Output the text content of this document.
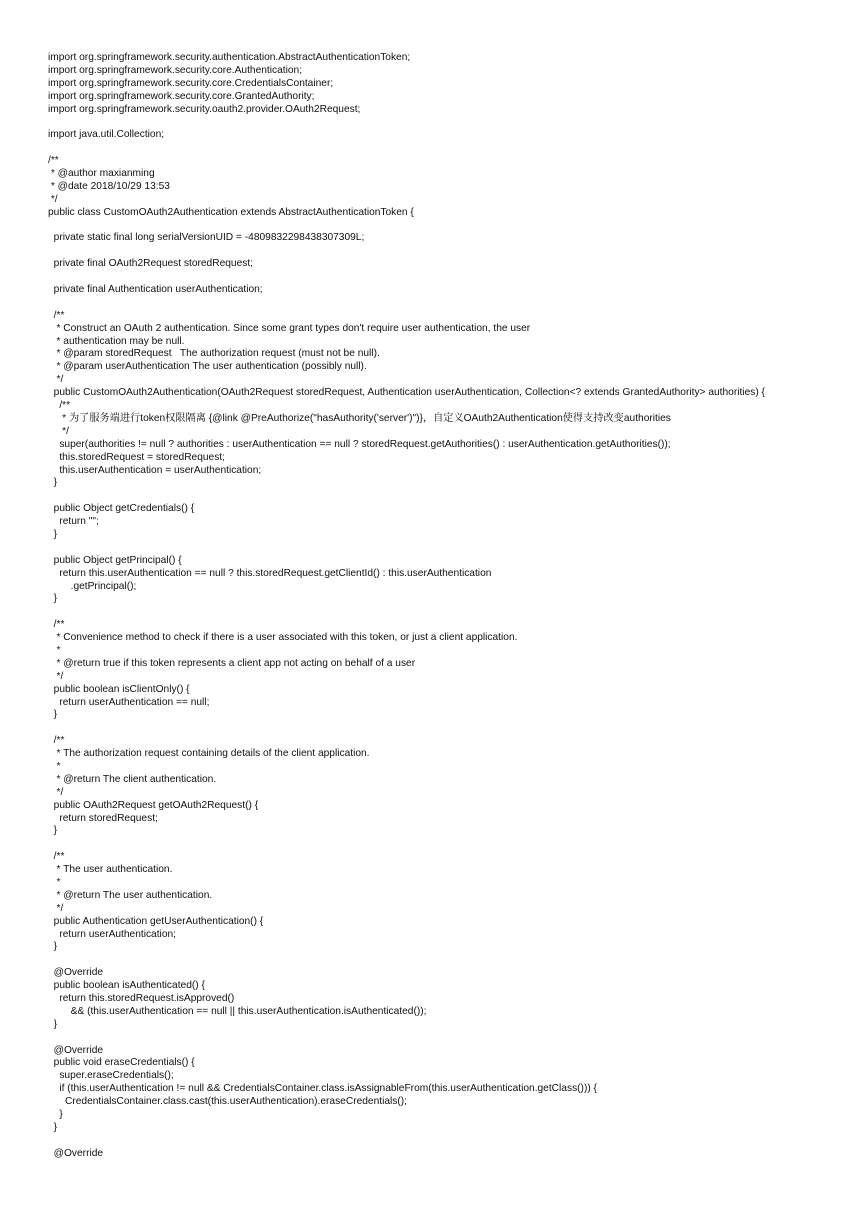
import org.springframework.security.authentication.AbstractAuthenticationToken;
import org.springframework.security.core.Authentication;
import org.springframework.security.core.CredentialsContainer;
import org.springframework.security.core.GrantedAuthority;
import org.springframework.security.oauth2.provider.OAuth2Request;
import java.util.Collection;
/**
* @author maxianming
* @date 2018/10/29 13:53
*/
public class CustomOAuth2Authentication extends AbstractAuthenticationToken {
private static final long serialVersionUID = -4809832298438307309L;
private final OAuth2Request storedRequest;
private final Authentication userAuthentication;
/**
* Construct an OAuth 2 authentication. Since some grant types don't require user authentication, the user
* authentication may be null.
* @param storedRequest   The authorization request (must not be null).
* @param userAuthentication The user authentication (possibly null).
*/
public CustomOAuth2Authentication(OAuth2Request storedRequest, Authentication userAuthentication, Collection<? extends GrantedAuthority> authorities) {
/**
* 为了服务端进行token权限隔离 {@link @PreAuthorize("hasAuthority('server')")}，自定义OAuth2Authentication使得支持改变authorities
*/
super(authorities != null ? authorities : userAuthentication == null ? storedRequest.getAuthorities() : userAuthentication.getAuthorities());
this.storedRequest = storedRequest;
this.userAuthentication = userAuthentication;
}
public Object getCredentials() {
return "";
}
public Object getPrincipal() {
return this.userAuthentication == null ? this.storedRequest.getClientId() : this.userAuthentication
.getPrincipal();
}
/**
* Convenience method to check if there is a user associated with this token, or just a client application.
*
* @return true if this token represents a client app not acting on behalf of a user
*/
public boolean isClientOnly() {
return userAuthentication == null;
}
/**
* The authorization request containing details of the client application.
*
* @return The client authentication.
*/
public OAuth2Request getOAuth2Request() {
return storedRequest;
}
/**
* The user authentication.
*
* @return The user authentication.
*/
public Authentication getUserAuthentication() {
return userAuthentication;
}
@Override
public boolean isAuthenticated() {
return this.storedRequest.isApproved()
&& (this.userAuthentication == null || this.userAuthentication.isAuthenticated());
}
@Override
public void eraseCredentials() {
super.eraseCredentials();
if (this.userAuthentication != null && CredentialsContainer.class.isAssignableFrom(this.userAuthentication.getClass())) {
CredentialsContainer.class.cast(this.userAuthentication).eraseCredentials();
}
}
@Override
